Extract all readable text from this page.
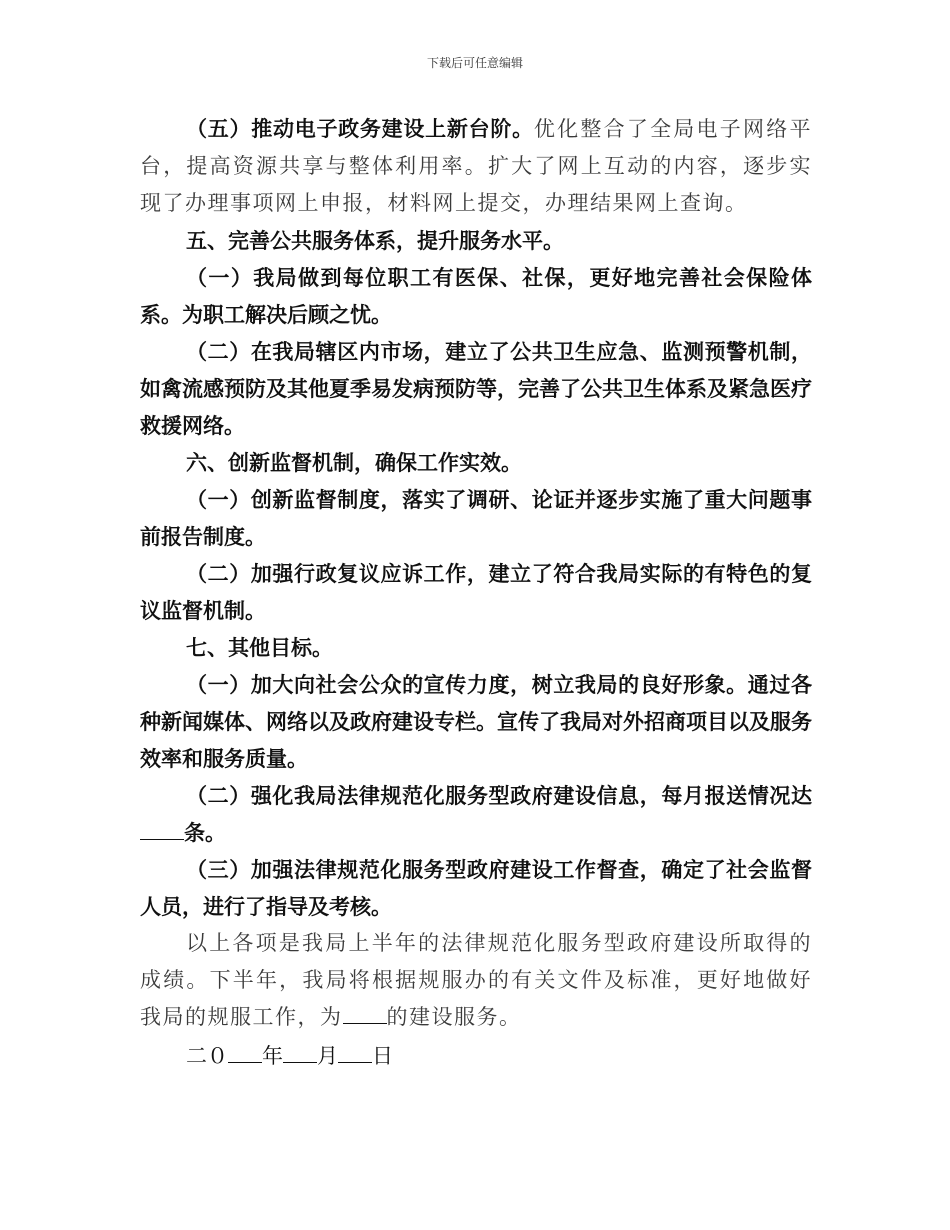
下载后可任意编辑

（五）推动电子政务建设上新台阶。优化整合了全局电子网络平台，提高资源共享与整体利用率。扩大了网上互动的内容，逐步实现了办理事项网上申报，材料网上提交，办理结果网上查询。

五、完善公共服务体系，提升服务水平。

（一）我局做到每位职工有医保、社保，更好地完善社会保险体系。为职工解决后顾之忧。

（二）在我局辖区内市场，建立了公共卫生应急、监测预警机制，如禽流感预防及其他夏季易发病预防等，完善了公共卫生体系及紧急医疗救援网络。

六、创新监督机制，确保工作实效。

（一）创新监督制度，落实了调研、论证并逐步实施了重大问题事前报告制度。

（二）加强行政复议应诉工作，建立了符合我局实际的有特色的复议监督机制。

七、其他目标。

（一）加大向社会公众的宣传力度，树立我局的良好形象。通过各种新闻媒体、网络以及政府建设专栏。宣传了我局对外招商项目以及服务效率和服务质量。

（二）强化我局法律规范化服务型政府建设信息，每月报送情况达条。

（三）加强法律规范化服务型政府建设工作督查，确定了社会监督人员，进行了指导及考核。

以上各项是我局上半年的法律规范化服务型政府建设所取得的成绩。下半年，我局将根据规服办的有关文件及标准，更好地做好我局的规服工作，为 的建设服务。

二０ 年 月 日
